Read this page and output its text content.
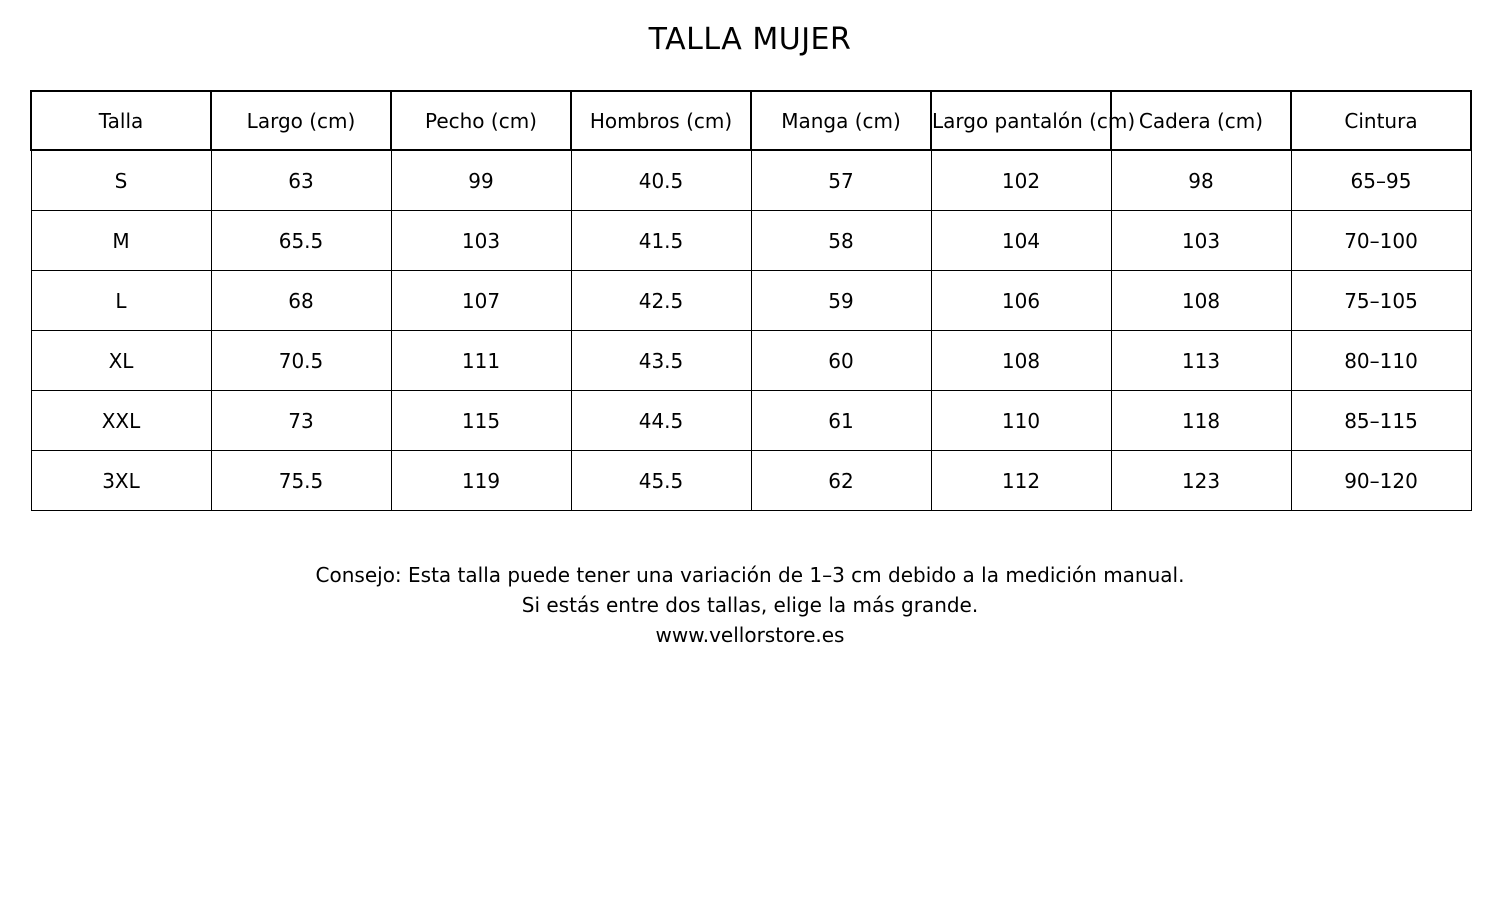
TALLA MUJER
Talla	Largo (cm)	Pecho (cm)	Hombros (cm)	Manga (cm)	Largo pantalón (cm)	Cadera (cm)	Cintura
S	63	99	40.5	57	102	98	65–95
M	65.5	103	41.5	58	104	103	70–100
L	68	107	42.5	59	106	108	75–105
XL	70.5	111	43.5	60	108	113	80–110
XXL	73	115	44.5	61	110	118	85–115
3XL	75.5	119	45.5	62	112	123	90–120
Consejo: Esta talla puede tener una variación de 1–3 cm debido a la medición manual.
Si estás entre dos tallas, elige la más grande.
www.vellorstore.es
